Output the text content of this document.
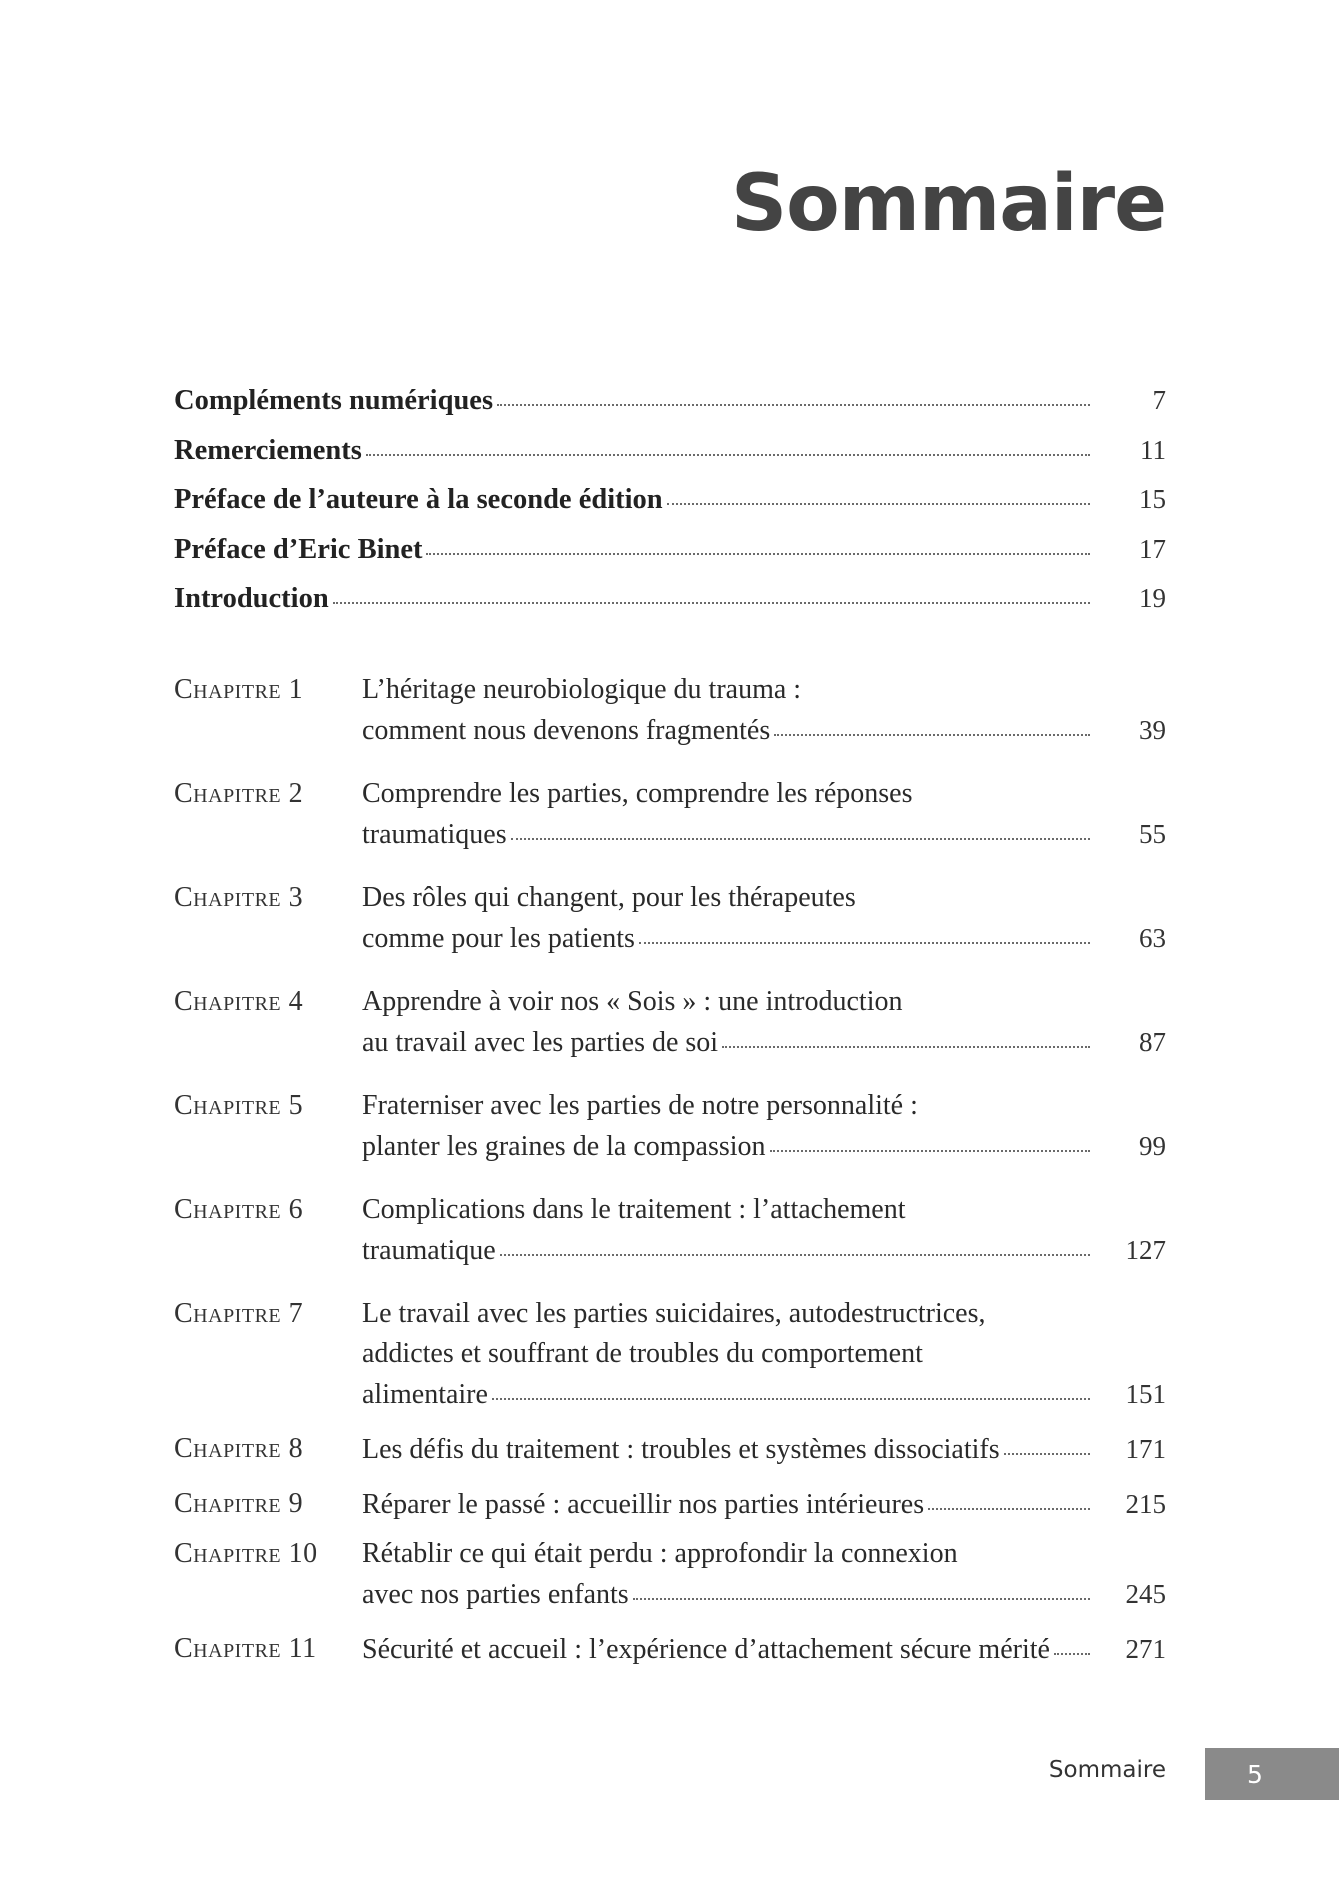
Sommaire
Compléments numériques	7
Remerciements	11
Préface de l’auteure à la seconde édition	15
Préface d’Eric Binet	17
Introduction	19
Chapitre 1	L’héritage neurobiologique du trauma :
comment nous devenons fragmentés	39
Chapitre 2	Comprendre les parties, comprendre les réponses
traumatiques	55
Chapitre 3	Des rôles qui changent, pour les thérapeutes
comme pour les patients	63
Chapitre 4	Apprendre à voir nos « Sois » : une introduction
au travail avec les parties de soi	87
Chapitre 5	Fraterniser avec les parties de notre personnalité :
planter les graines de la compassion	99
Chapitre 6	Complications dans le traitement : l’attachement
traumatique	127
Chapitre 7	Le travail avec les parties suicidaires, autodestructrices,
addictes et souffrant de troubles du comportement
alimentaire	151
Chapitre 8	Les défis du traitement : troubles et systèmes dissociatifs	171
Chapitre 9	Réparer le passé : accueillir nos parties intérieures	215
Chapitre 10	Rétablir ce qui était perdu : approfondir la connexion
avec nos parties enfants	245
Chapitre 11	Sécurité et accueil : l’expérience d’attachement sécure mérité	271
Sommaire	5
